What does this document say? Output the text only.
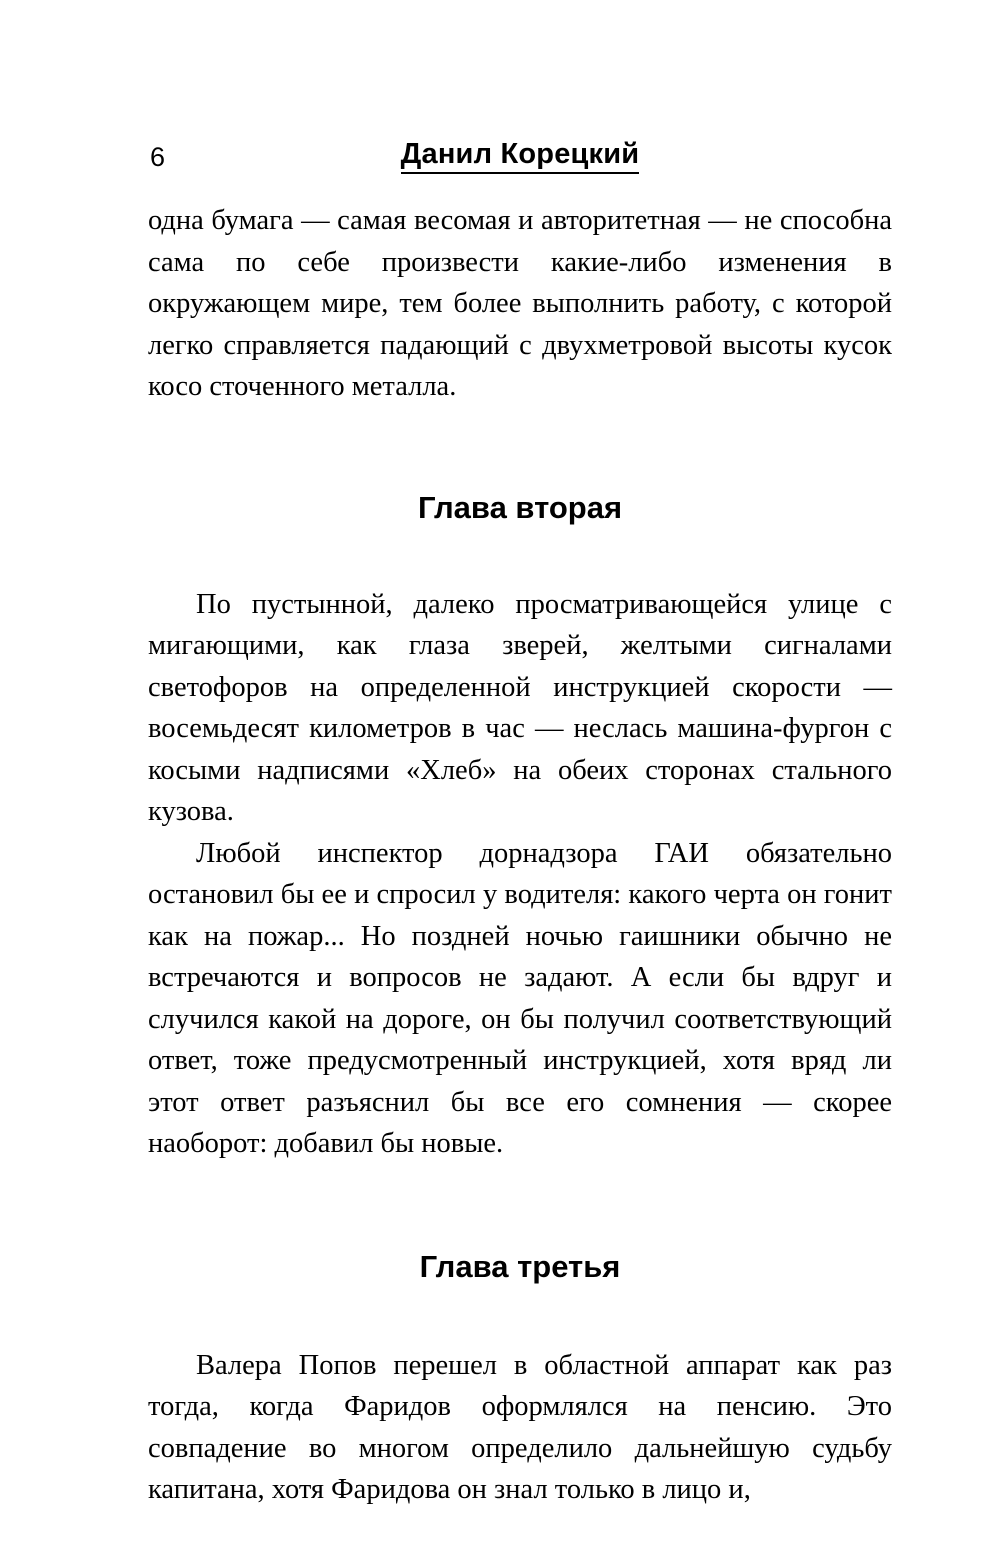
6	Данил Корецкий

одна бумага — самая весомая и авторитетная — не способна сама по себе произвести какие-либо изменения в окружающем мире, тем более выполнить работу, с которой легко справляется падающий с двухметровой высоты кусок косо сточенного металла.

Глава вторая

По пустынной, далеко просматривающейся улице с мигающими, как глаза зверей, желтыми сигналами светофоров на определенной инструкцией скорости — восемьдесят километров в час — неслась машина-фургон с косыми надписями «Хлеб» на обеих сторонах стального кузова.

Любой инспектор дорнадзора ГАИ обязательно остановил бы ее и спросил у водителя: какого черта он гонит как на пожар... Но поздней ночью гаишники обычно не встречаются и вопросов не задают. А если бы вдруг и случился какой на дороге, он бы получил соответствующий ответ, тоже предусмотренный инструкцией, хотя вряд ли этот ответ разъяснил бы все его сомнения — скорее наоборот: добавил бы новые.

Глава третья

Валера Попов перешел в областной аппарат как раз тогда, когда Фаридов оформлялся на пенсию. Это совпадение во многом определило дальнейшую судьбу капитана, хотя Фаридова он знал только в лицо и,
